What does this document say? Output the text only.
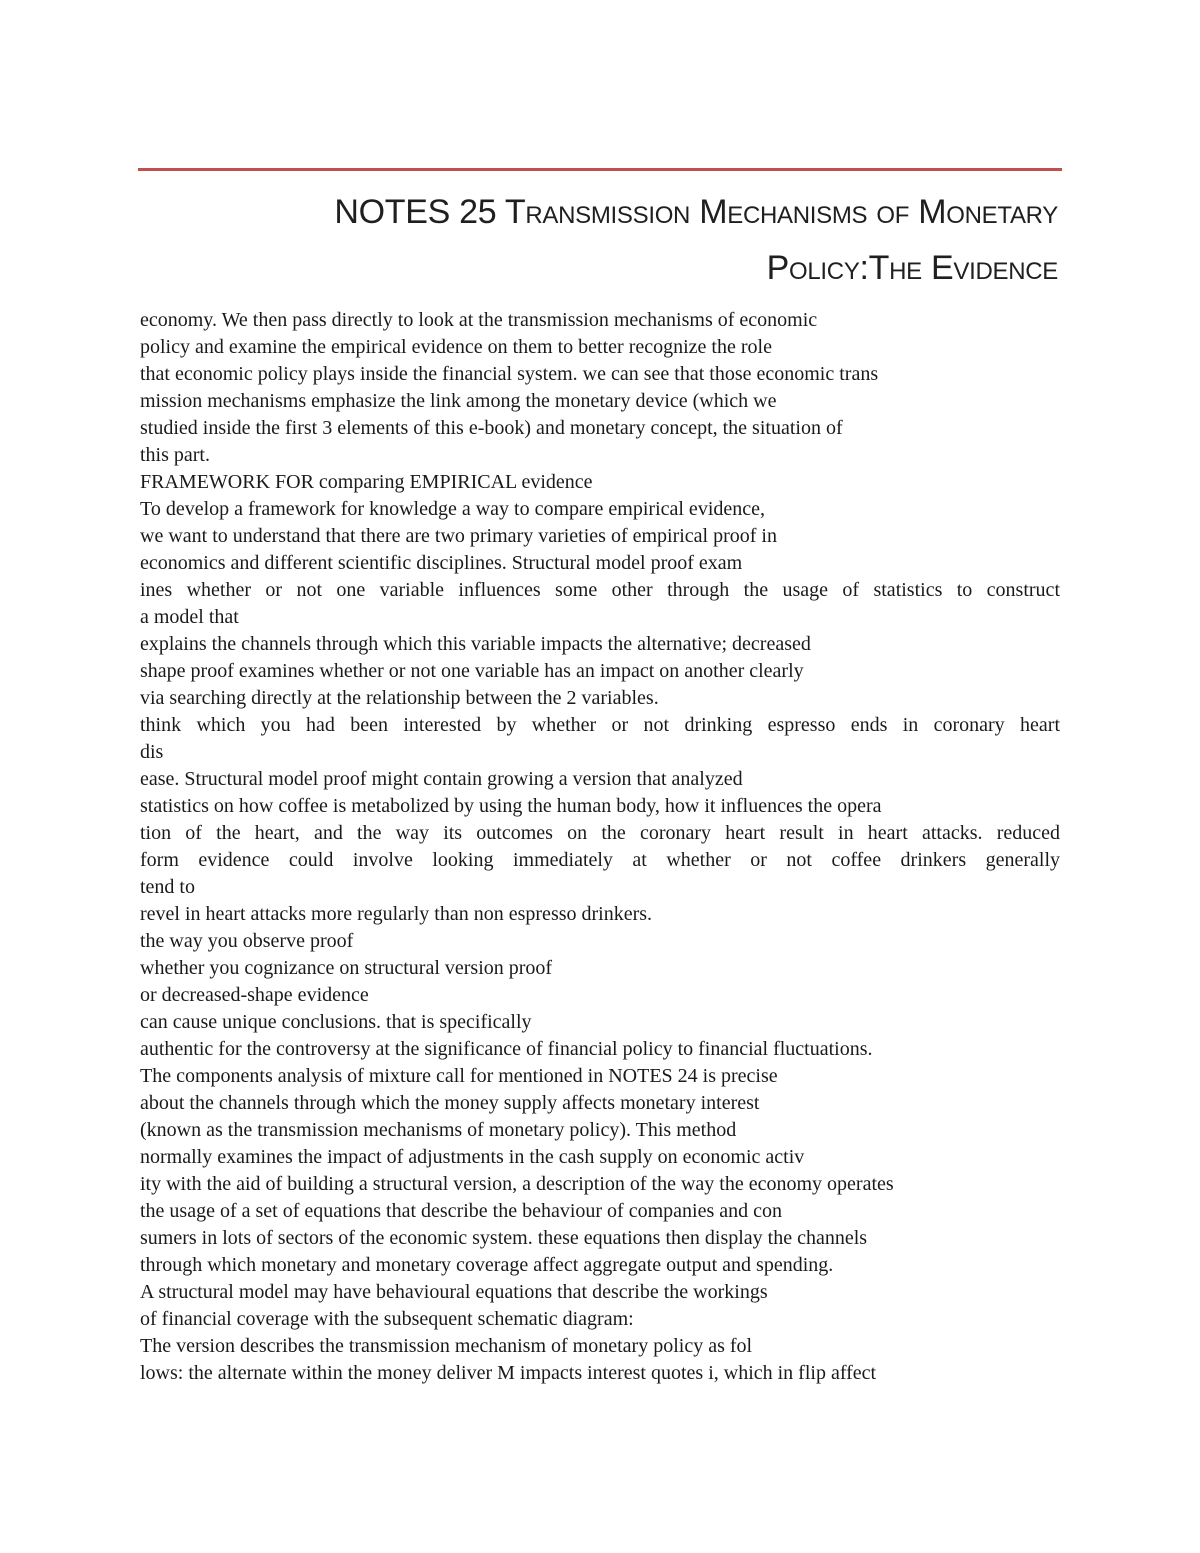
NOTES 25 Transmission Mechanisms of Monetary
Policy:The Evidence
economy. We then pass directly to look at the transmission mechanisms of economic
policy and examine the empirical evidence on them to better recognize the role
that economic policy plays inside the financial system. we can see that those economic trans
mission mechanisms emphasize the link among the monetary device (which we
studied inside the first 3 elements of this e-book) and monetary concept, the situation of
this part.
FRAMEWORK FOR comparing EMPIRICAL evidence
To develop a framework for knowledge a way to compare empirical evidence,
we want to understand that there are two primary varieties of empirical proof in
economics and different scientific disciplines. Structural model proof exam
ines whether or not one variable influences some other through the usage of statistics to construct
a model that
explains the channels through which this variable impacts the alternative; decreased
shape proof examines whether or not one variable has an impact on another clearly
via searching directly at the relationship between the 2 variables.
think which you had been interested by whether or not drinking espresso ends in coronary heart
dis
ease. Structural model proof might contain growing a version that analyzed
statistics on how coffee is metabolized by using the human body, how it influences the opera
tion of the heart, and the way its outcomes on the coronary heart result in heart attacks. reduced
form evidence could involve looking immediately at whether or not coffee drinkers generally
tend to
revel in heart attacks more regularly than non espresso drinkers.
the way you observe proof
whether you cognizance on structural version proof
or decreased-shape evidence
can cause unique conclusions. that is specifically
authentic for the controversy at the significance of financial policy to financial fluctuations.
The components analysis of mixture call for mentioned in NOTES 24 is precise
about the channels through which the money supply affects monetary interest
(known as the transmission mechanisms of monetary policy). This method
normally examines the impact of adjustments in the cash supply on economic activ
ity with the aid of building a structural version, a description of the way the economy operates
the usage of a set of equations that describe the behaviour of companies and con
sumers in lots of sectors of the economic system. these equations then display the channels
through which monetary and monetary coverage affect aggregate output and spending.
A structural model may have behavioural equations that describe the workings
of financial coverage with the subsequent schematic diagram:
The version describes the transmission mechanism of monetary policy as fol
lows: the alternate within the money deliver M impacts interest quotes i, which in flip affect
